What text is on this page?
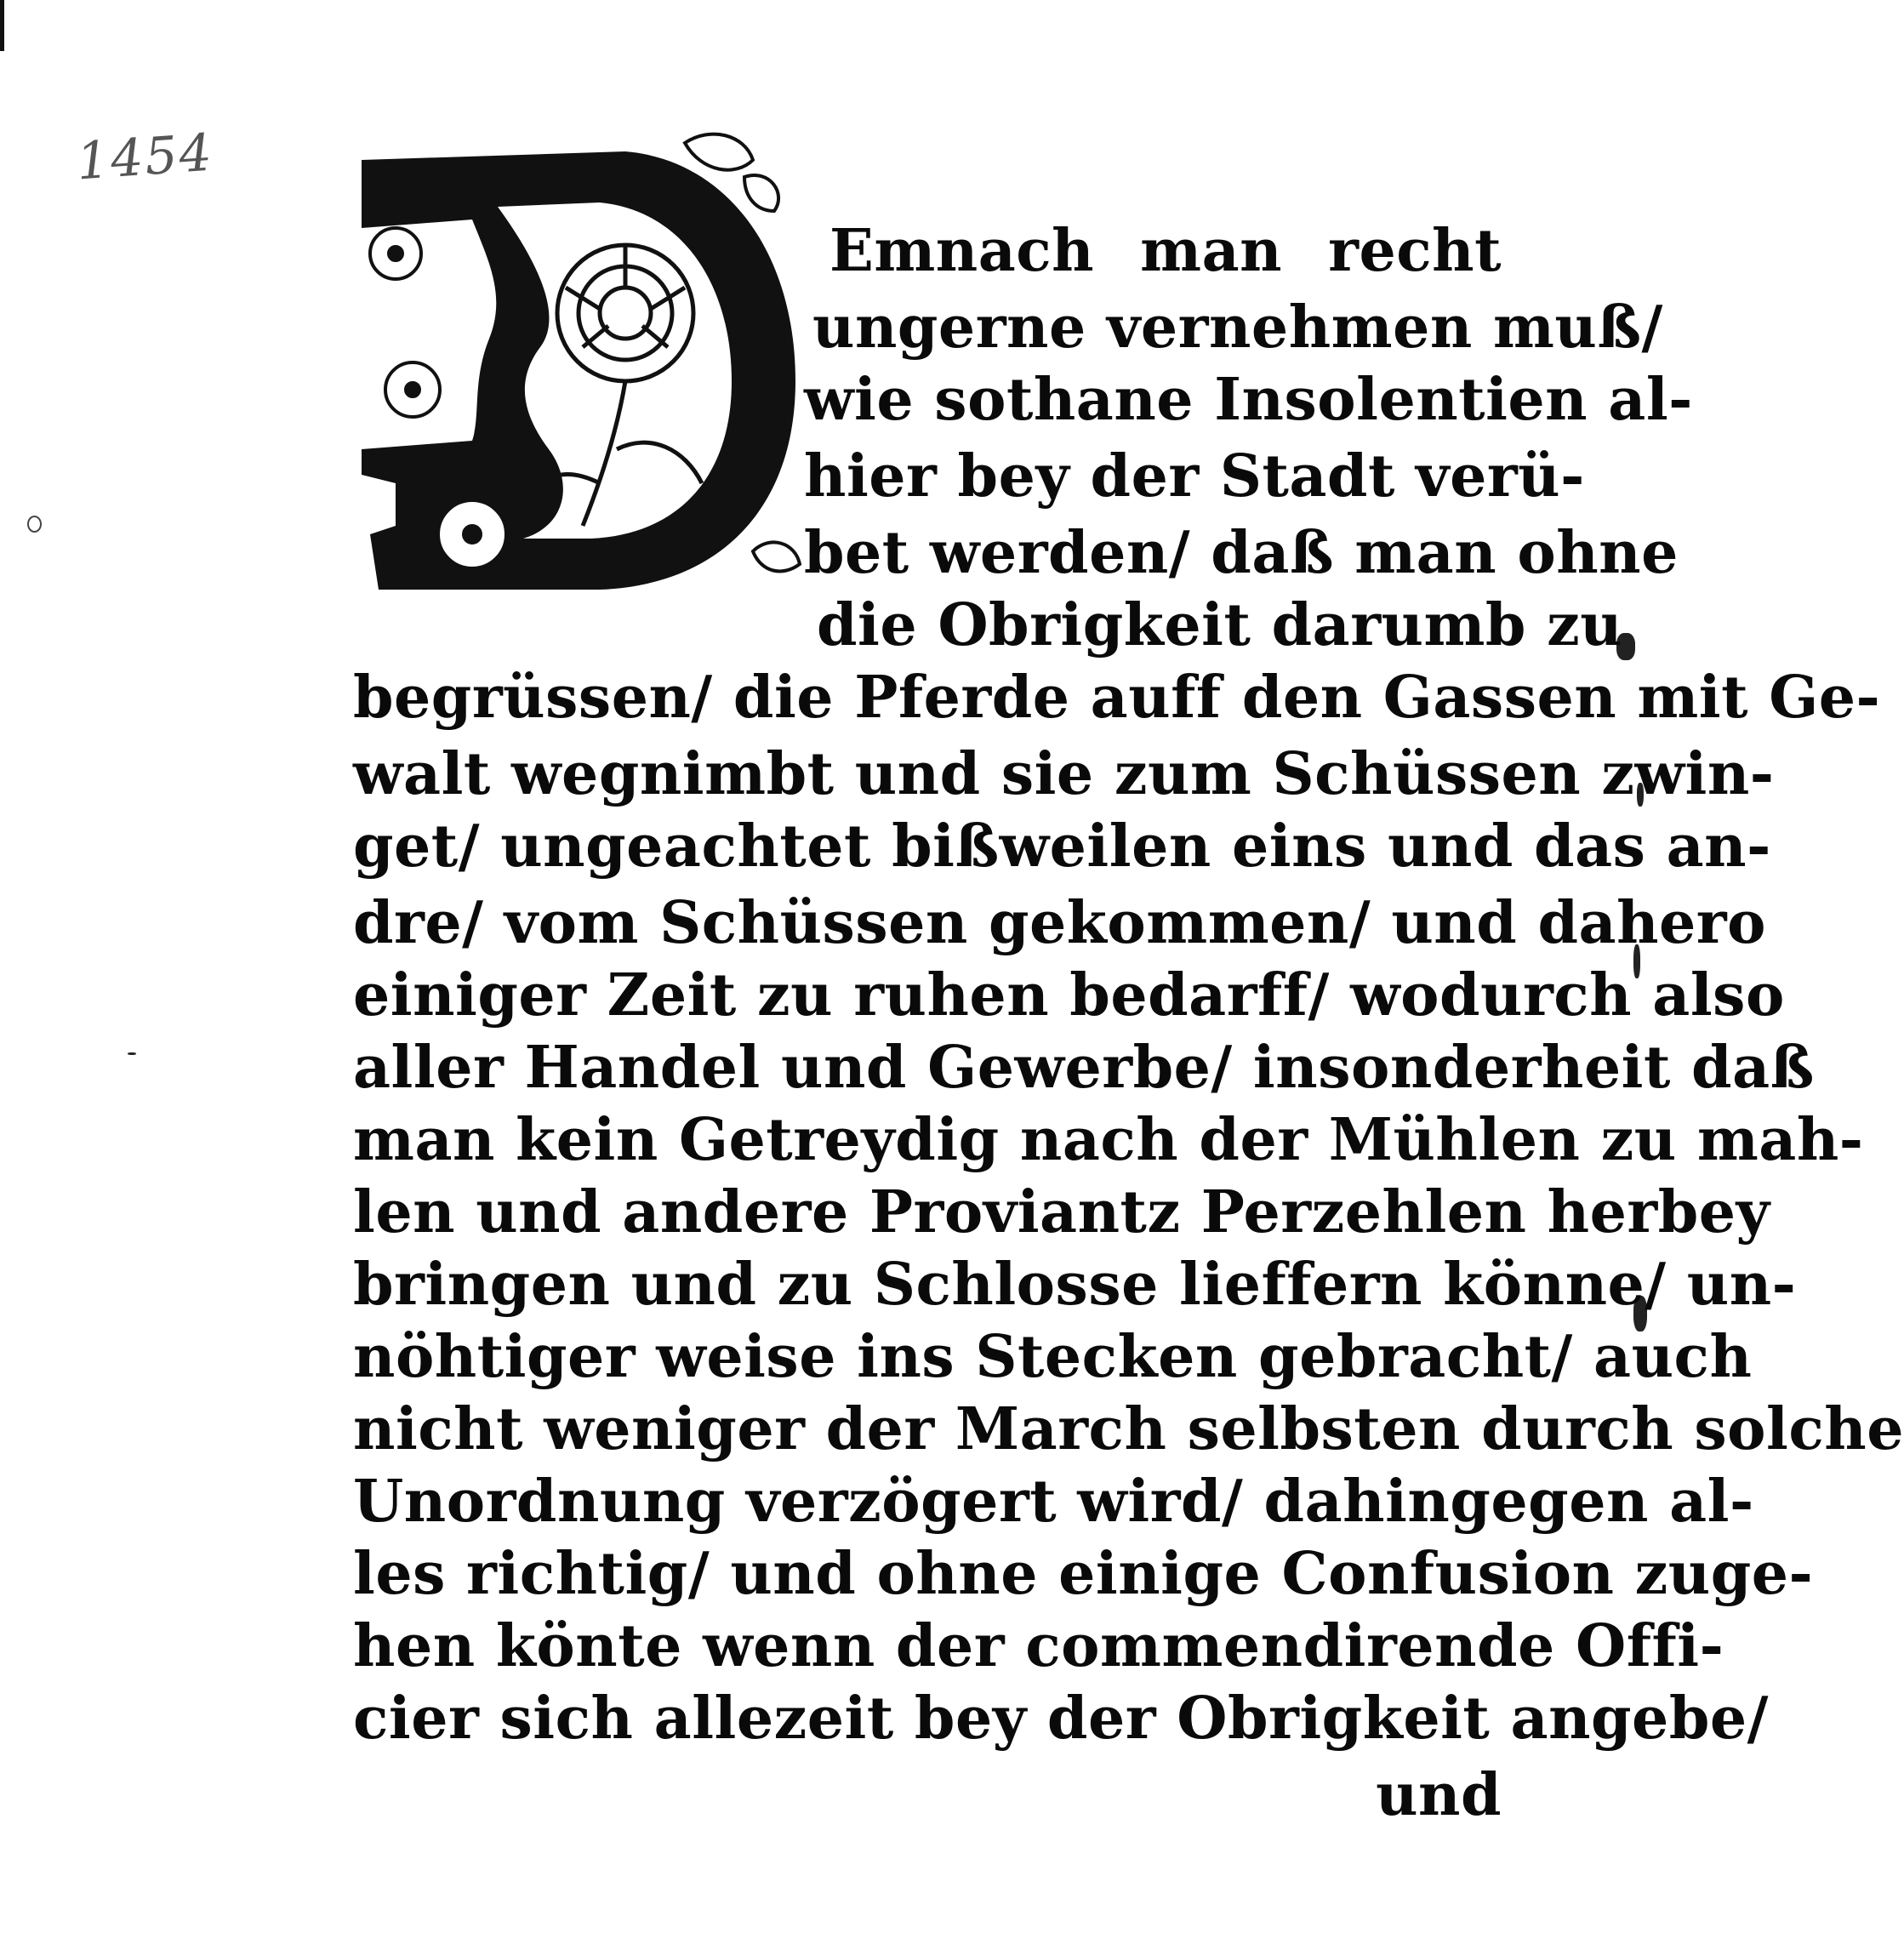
1454
Emnach man recht
ungerne vernehmen muß/
wie sothane Insolentien al-
hier bey der Stadt verü-
bet werden/ daß man ohne
die Obrigkeit darumb zu
begrüssen/ die Pferde auff den Gassen mit Ge-
walt wegnimbt und sie zum Schüssen zwin-
get/ ungeachtet bißweilen eins und das an-
dre/ vom Schüssen gekommen/ und dahero
einiger Zeit zu ruhen bedarff/ wodurch also
aller Handel und Gewerbe/ insonderheit daß
man kein Getreydig nach der Mühlen zu mah-
len und andere Proviantz Perzehlen herbey
bringen und zu Schlosse lieffern könne/ un-
nöhtiger weise ins Stecken gebracht/ auch
nicht weniger der March selbsten durch solche
Unordnung verzögert wird/ dahingegen al-
les richtig/ und ohne einige Confusion zuge-
hen könte wenn der commendirende Offi-
cier sich allezeit bey der Obrigkeit angebe/
und
